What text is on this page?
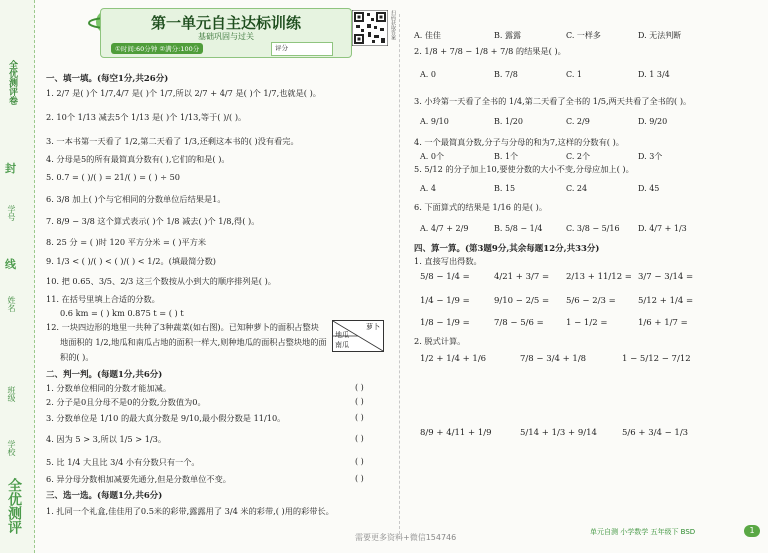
全优测评卷
封
学号
线
姓名
班级
学校
全优测评
第一单元自主达标训练
基础巩固与过关
①时间:60分钟 ②满分:100分	评分
扫码获取答案
一、填一填。(每空1分,共26分)
1. 2/7 是( )个 1/7,4/7 是( )个 1/7,所以 2/7 + 4/7 是( )个 1/7,也就是( )。
2. 10个 1/13 减去5个 1/13 是( )个 1/13,等于( )/( )。
3. 一本书第一天看了 1/2,第二天看了 1/3,还剩这本书的( )没有看完。
4. 分母是5的所有最简真分数有( ),它们的和是( )。
5. 0.7 = ( )/( ) = 21/( ) = ( ) ÷ 50
6. 3/8 加上( )个与它相同的分数单位后结果是1。
7. 8/9 − 3/8 这个算式表示( )个 1/8 减去( )个 1/8,得( )。
8. 25 分 = ( )时 120 平方分米 = ( )平方米
9. 1/3 < ( )/( ) < ( )/( ) < 1/2。(填最简分数)
10. 把 0.65、3/5、2/3 这三个数按从小到大的顺序排列是( )。
11. 在括号里填上合适的分数。
0.6 km = ( ) km 0.875 t = ( ) t
12. 一块四边形的地里一共种了3种蔬菜(如右图)。已知种萝卜的面积占整块
地面积的 1/2,地瓜和南瓜占地的面积一样大,则种地瓜的面积占整块地的面
积的( )。
萝卜
地瓜
南瓜
二、判一判。(每题1分,共6分)
1. 分数单位相同的分数才能加减。
2. 分子是0且分母不是0的分数,分数值为0。
3. 分数单位是 1/10 的最大真分数是 9/10,最小假分数是 11/10。
4. 因为 5 > 3,所以 1/5 > 1/3。
5. 比 1/4 大且比 3/4 小有分数只有一个。
6. 异分母分数相加减要先通分,但是分数单位不变。
( )
( )
( )
( )
( )
( )
三、选一选。(每题1分,共6分)
1. 扎同一个礼盒,佳佳用了0.5米的彩带,露露用了 3/4 米的彩带,( )用的彩带长。
A. 佳佳	B. 露露	C. 一样多	D. 无法判断
2. 1/8 + 7/8 − 1/8 + 7/8 的结果是( )。
A. 0	B. 7/8	C. 1	D. 1 3/4
3. 小玲第一天看了全书的 1/4,第二天看了全书的 1/5,两天共看了全书的( )。
A. 9/10	B. 1/20	C. 2/9	D. 9/20
4. 一个最简真分数,分子与分母的和为7,这样的分数有( )。
A. 0个	B. 1个	C. 2个	D. 3个
5. 5/12 的分子加上10,要使分数的大小不变,分母应加上( )。
A. 4	B. 15	C. 24	D. 45
6. 下面算式的结果是 1/16 的是( )。
A. 4/7 + 2/9	B. 5/8 − 1/4	C. 3/8 − 5/16 D. 4/7 + 1/3
四、算一算。(第3题9分,其余每题12分,共33分)
1. 直接写出得数。
5/8 − 1/4 =	4/21 + 3/7 = 2/13 + 11/12 = 3/7 − 3/14 =
1/4 − 1/9 =	9/10 − 2/5 = 5/6 − 2/3 =	5/12 + 1/4 =
1/8 − 1/9 =	7/8 − 5/6 =	1 − 1/2 =	1/6 + 1/7 =
2. 脱式计算。
1/2 + 1/4 + 1/6	7/8 − 3/4 + 1/8	1 − 5/12 − 7/12
8/9 + 4/11 + 1/9	5/14 + 1/3 + 9/14	5/6 + 3/4 − 1/3
需要更多资料+微信154746
单元自测 小学数学 五年级下 BSD	1
